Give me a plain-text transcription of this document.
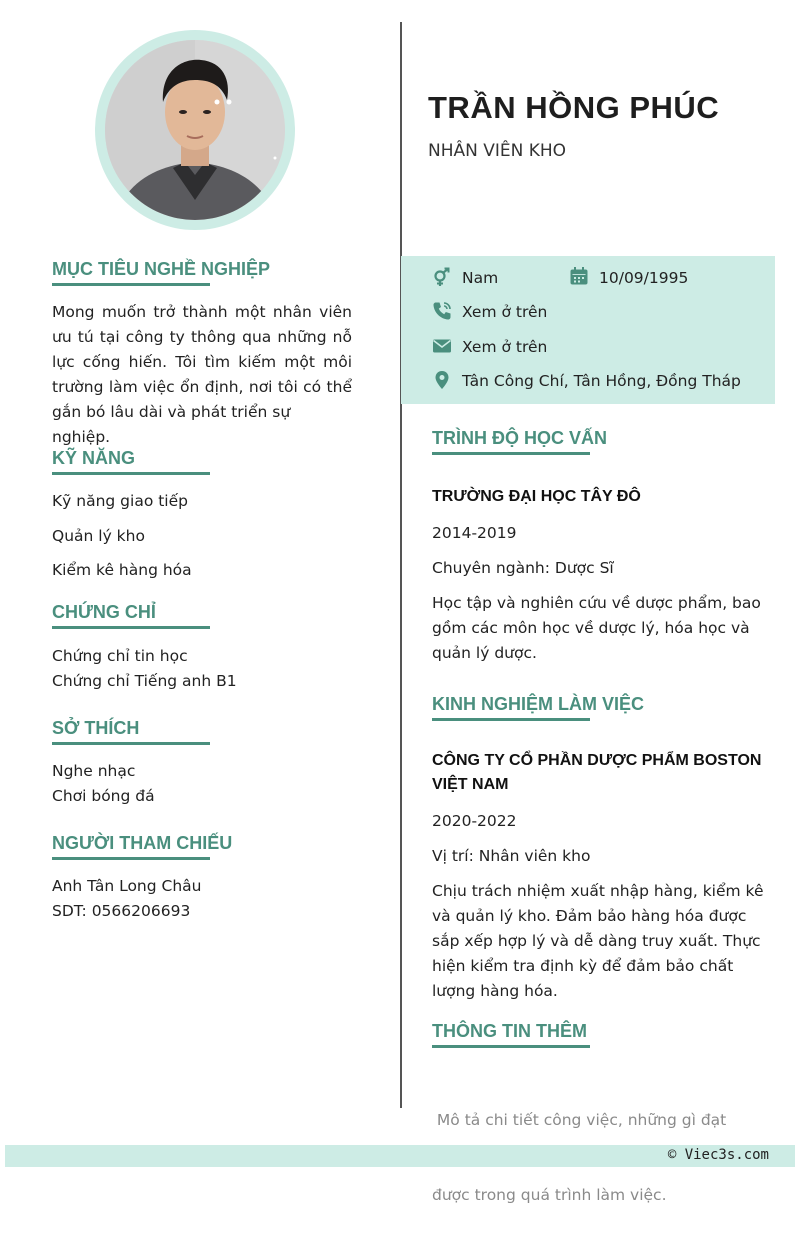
MỤC TIÊU NGHỀ NGHIỆP
Mong muốn trở thành một nhân viên
ưu tú tại công ty thông qua những nỗ
lực cống hiến. Tôi tìm kiếm một môi
trường làm việc ổn định, nơi tôi có thể
gắn bó lâu dài và phát triển sự nghiệp.
KỸ NĂNG
Kỹ năng giao tiếp
Quản lý kho
Kiểm kê hàng hóa
CHỨNG CHỈ
Chứng chỉ tin học
Chứng chỉ Tiếng anh B1
SỞ THÍCH
Nghe nhạc
Chơi bóng đá
NGƯỜI THAM CHIẾU
Anh Tân Long Châu
SDT: 0566206693
TRẦN HỒNG PHÚC
NHÂN VIÊN KHO
Nam	10/09/1995
Xem ở trên
Xem ở trên
Tân Công Chí, Tân Hồng, Đồng Tháp
TRÌNH ĐỘ HỌC VẤN
TRƯỜNG ĐẠI HỌC TÂY ĐÔ
2014-2019
Chuyên ngành: Dược Sĩ
Học tập và nghiên cứu về dược phẩm, bao
gồm các môn học về dược lý, hóa học và
quản lý dược.
KINH NGHIỆM LÀM VIỆC
CÔNG TY CỔ PHẦN DƯỢC PHẨM BOSTON
VIỆT NAM
2020-2022
Vị trí: Nhân viên kho
Chịu trách nhiệm xuất nhập hàng, kiểm kê
và quản lý kho. Đảm bảo hàng hóa được
sắp xếp hợp lý và dễ dàng truy xuất. Thực
hiện kiểm tra định kỳ để đảm bảo chất
lượng hàng hóa.
THÔNG TIN THÊM

Mô tả chi tiết công việc, những gì đạt

được trong quá trình làm việc.

© Viec3s.com
